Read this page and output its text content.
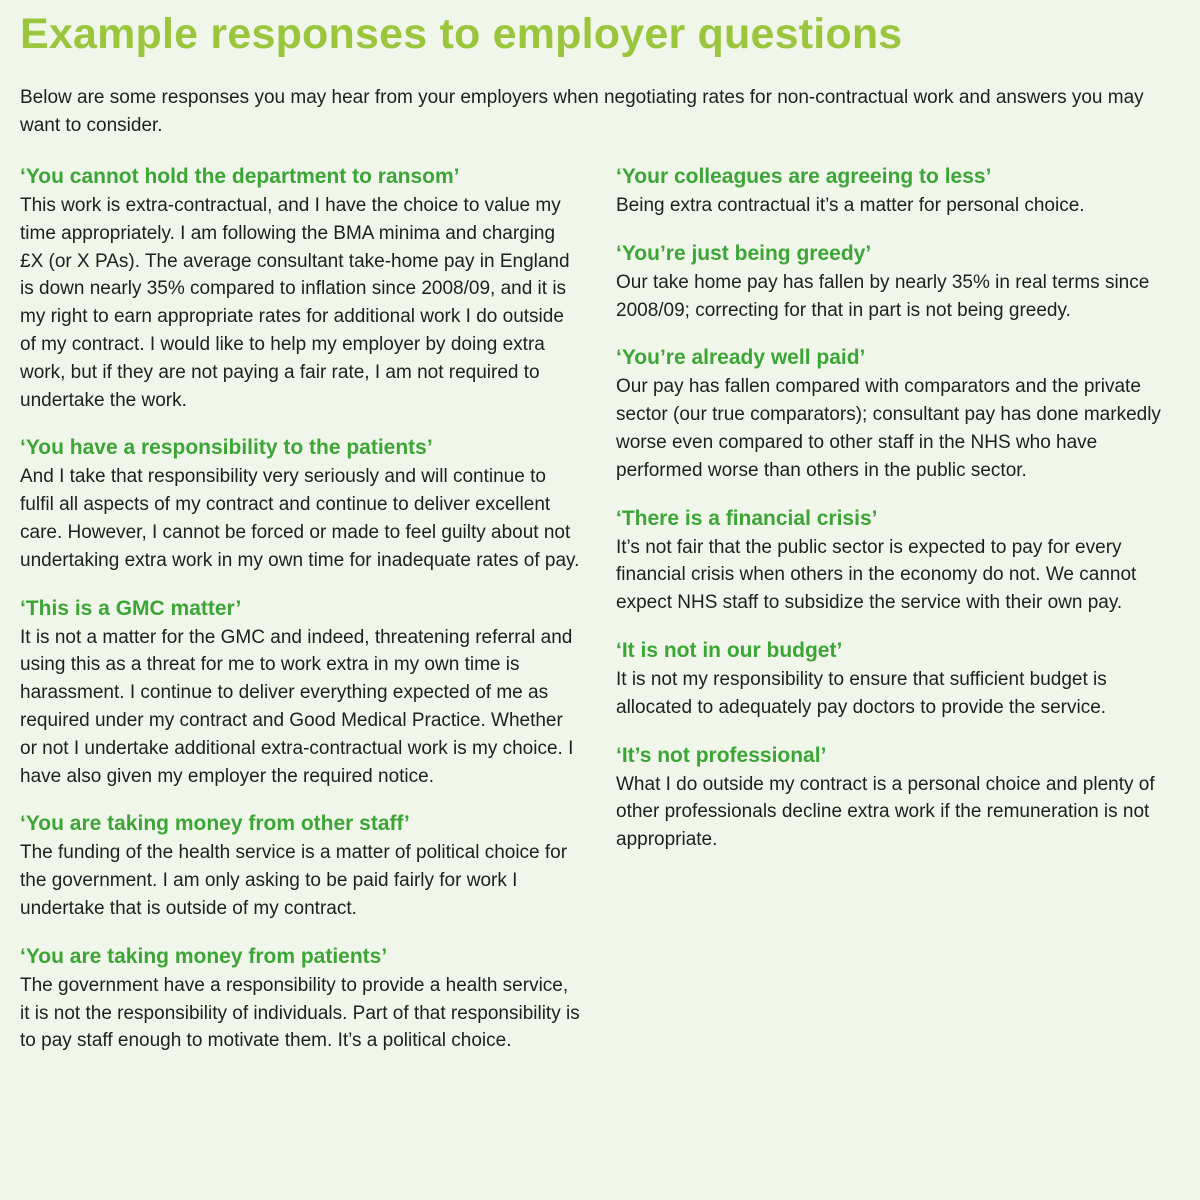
Example responses to employer questions

Below are some responses you may hear from your employers when negotiating rates for non-contractual work and answers you may want to consider.

‘You cannot hold the department to ransom’

This work is extra-contractual, and I have the choice to value my time appropriately. I am following the BMA minima and charging £X (or X PAs). The average consultant take-home pay in England is down nearly 35% compared to inflation since 2008/09, and it is my right to earn appropriate rates for additional work I do outside of my contract. I would like to help my employer by doing extra work, but if they are not paying a fair rate, I am not required to undertake the work.

‘You have a responsibility to the patients’

And I take that responsibility very seriously and will continue to fulfil all aspects of my contract and continue to deliver excellent care. However, I cannot be forced or made to feel guilty about not undertaking extra work in my own time for inadequate rates of pay.

‘This is a GMC matter’

It is not a matter for the GMC and indeed, threatening referral and using this as a threat for me to work extra in my own time is harassment. I continue to deliver everything expected of me as required under my contract and Good Medical Practice. Whether or not I undertake additional extra-contractual work is my choice. I have also given my employer the required notice.

‘You are taking money from other staff’

The funding of the health service is a matter of political choice for the government. I am only asking to be paid fairly for work I undertake that is outside of my contract.

‘You are taking money from patients’

The government have a responsibility to provide a health service, it is not the responsibility of individuals. Part of that responsibility is to pay staff enough to motivate them. It’s a political choice.

‘Your colleagues are agreeing to less’

Being extra contractual it’s a matter for personal choice.

‘You’re just being greedy’

Our take home pay has fallen by nearly 35% in real terms since 2008/09; correcting for that in part is not being greedy.

‘You’re already well paid’

Our pay has fallen compared with comparators and the private sector (our true comparators); consultant pay has done markedly worse even compared to other staff in the NHS who have performed worse than others in the public sector.

‘There is a financial crisis’

It’s not fair that the public sector is expected to pay for every financial crisis when others in the economy do not. We cannot expect NHS staff to subsidize the service with their own pay.

‘It is not in our budget’

It is not my responsibility to ensure that sufficient budget is allocated to adequately pay doctors to provide the service.

‘It’s not professional’

What I do outside my contract is a personal choice and plenty of other professionals decline extra work if the remuneration is not appropriate.
